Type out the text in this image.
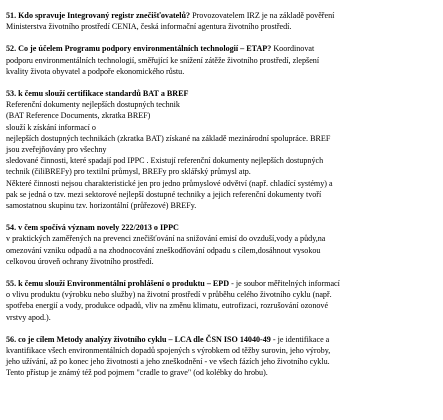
51. Kdo spravuje Integrovaný registr znečišťovatelů? Provozovatelem IRZ je na základě pověření
Ministerstva životního prostředí CENIA, česká informační agentura životního prostředí.

52. Co je účelem Programu podpory environmentálních technologií – ETAP? Koordinovat
podporu environmentálních technologií, směřující ke snížení zátěže životního prostředí, zlepšení
kvality života obyvatel a podpoře ekonomického růstu.

53. k čemu slouží certifikace standardů BAT a BREF
Referenční dokumenty nejlepších dostupných technik
(BAT Reference Documents, zkratka BREF)
slouží k získání informací o
nejlepších dostupných technikách (zkratka BAT) získané na základě mezinárodní spolupráce. BREF
jsou zveřejňovány pro všechny
sledované činnosti, které spadají pod IPPC . Existují referenční dokumenty nejlepších dostupných
technik (čiliBREFy) pro textilní průmysl, BREFy pro sklářský průmysl atp.
Některé činnosti nejsou charakteristické jen pro jedno průmyslové odvětví (např. chladící systémy) a
pak se jedná o tzv. mezi sektorové nejlepší dostupné techniky a jejich referenční dokumenty tvoří
samostatnou skupinu tzv. horizontální (průřezové) BREFy.

54. v čem spočívá význam novely 222/2013 o IPPC
v praktických zaměřených na prevenci znečišťování na snižování emisí do ovzduší,vody a půdy,na
omezování vzniku odpadů a na zhodnocování zneškodňování odpadu s cílem,dosáhnout vysokou
celkovou úroveň ochrany životního prostředí.

55. k čemu slouží Environmentální prohlášení o produktu – EPD - je soubor měřitelných informací
o vlivu produktu (výrobku nebo služby) na životní prostředí v průběhu celého životního cyklu (např.
spotřeba energií a vody, produkce odpadů, vliv na změnu klimatu, eutrofizaci, rozrušování ozonové
vrstvy apod.).

56. co je cílem Metody analýzy životního cyklu – LCA dle ČSN ISO 14040-49 - je identifikace a
kvantifikace všech environmentálních dopadů spojených s výrobkem od těžby surovin, jeho výroby,
jeho užívání, až po konec jeho životnosti a jeho zneškodnění - ve všech fázích jeho životního cyklu.
Tento přístup je známý též pod pojmem "cradle to grave" (od kolébky do hrobu).
